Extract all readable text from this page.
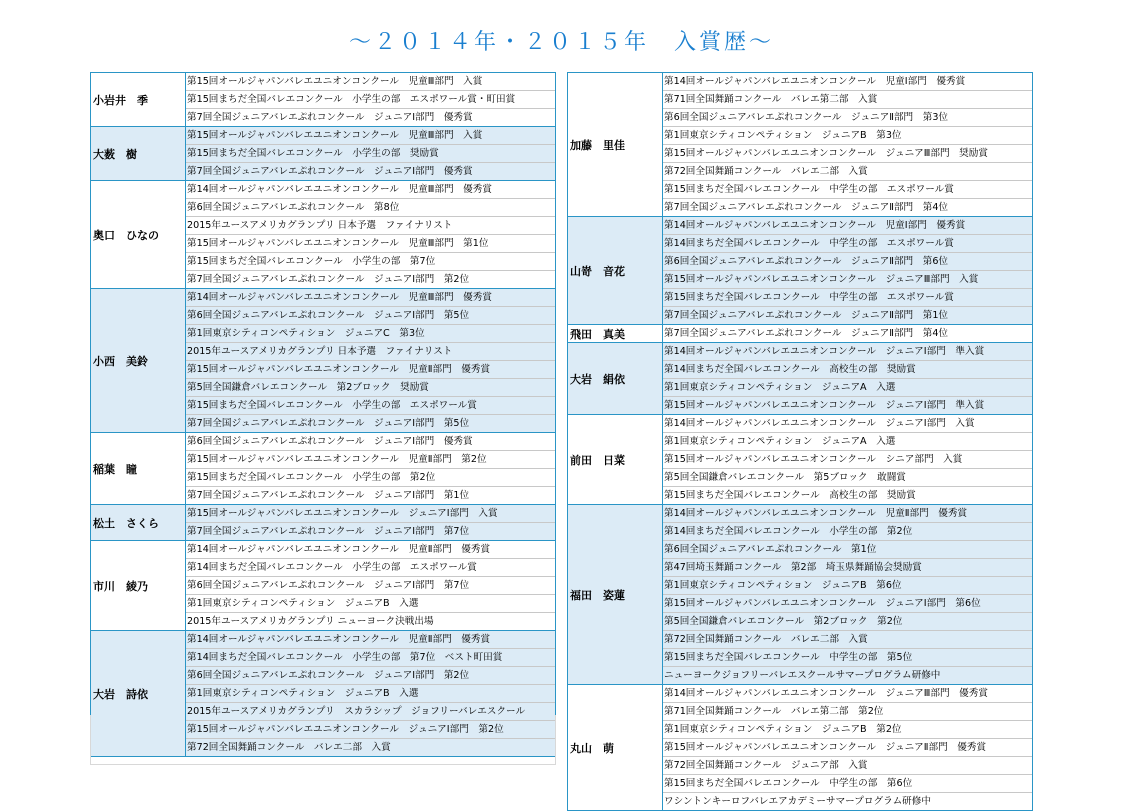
～２０１４年・２０１５年　入賞歴～
小岩井　季
第15回オールジャパンバレエユニオンコンクール　児童Ⅲ部門　入賞
第15回まちだ全国バレエコンクール　小学生の部　エスポワール賞・町田賞
第7回全国ジュニアバレエぷれコンクール　ジュニアⅠ部門　優秀賞
大薮　樹
第15回オールジャパンバレエユニオンコンクール　児童Ⅲ部門　入賞
第15回まちだ全国バレエコンクール　小学生の部　奨励賞
第7回全国ジュニアバレエぷれコンクール　ジュニアⅠ部門　優秀賞
奥口　ひなの
第14回オールジャパンバレエユニオンコンクール　児童Ⅲ部門　優秀賞
第6回全国ジュニアバレエぷれコンクール　第8位
2015年ユースアメリカグランプリ 日本予選　ファイナリスト
第15回オールジャパンバレエユニオンコンクール　児童Ⅲ部門　第1位
第15回まちだ全国バレエコンクール　小学生の部　第7位
第7回全国ジュニアバレエぷれコンクール　ジュニアⅠ部門　第2位
小西　美鈴
第14回オールジャパンバレエユニオンコンクール　児童Ⅲ部門　優秀賞
第6回全国ジュニアバレエぷれコンクール　ジュニアⅠ部門　第5位
第1回東京シティコンペティション　ジュニアC　第3位
2015年ユースアメリカグランプリ 日本予選　ファイナリスト
第15回オールジャパンバレエユニオンコンクール　児童Ⅱ部門　優秀賞
第5回全国鎌倉バレエコンクール　第2ブロック　奨励賞
第15回まちだ全国バレエコンクール　小学生の部　エスポワール賞
第7回全国ジュニアバレエぷれコンクール　ジュニアⅠ部門　第5位
稲葉　瞳
第6回全国ジュニアバレエぷれコンクール　ジュニアⅠ部門　優秀賞
第15回オールジャパンバレエユニオンコンクール　児童Ⅱ部門　第2位
第15回まちだ全国バレエコンクール　小学生の部　第2位
第7回全国ジュニアバレエぷれコンクール　ジュニアⅠ部門　第1位
松土　さくら
第15回オールジャパンバレエユニオンコンクール　ジュニアⅠ部門　入賞
第7回全国ジュニアバレエぷれコンクール　ジュニアⅠ部門　第7位
市川　綾乃
第14回オールジャパンバレエユニオンコンクール　児童Ⅱ部門　優秀賞
第14回まちだ全国バレエコンクール　小学生の部　エスポワール賞
第6回全国ジュニアバレエぷれコンクール　ジュニアⅠ部門　第7位
第1回東京シティコンペティション　ジュニアB　入選
2015年ユースアメリカグランプリ ニューヨーク決戦出場
大岩　詩依
第14回オールジャパンバレエユニオンコンクール　児童Ⅱ部門　優秀賞
第14回まちだ全国バレエコンクール　小学生の部　第7位　ベスト町田賞
第6回全国ジュニアバレエぷれコンクール　ジュニアⅠ部門　第2位
第1回東京シティコンペティション　ジュニアB　入選
2015年ユースアメリカグランプリ　スカラシップ　ジョフリーバレエスクール
第15回オールジャパンバレエユニオンコンクール　ジュニアⅠ部門　第2位
第72回全国舞踊コンクール　バレエ二部　入賞
加藤　里佳
第14回オールジャパンバレエユニオンコンクール　児童Ⅰ部門　優秀賞
第71回全国舞踊コンクール　バレエ第二部　入賞
第6回全国ジュニアバレエぷれコンクール　ジュニアⅡ部門　第3位
第1回東京シティコンペティション　ジュニアB　第3位
第15回オールジャパンバレエユニオンコンクール　ジュニアⅢ部門　奨励賞
第72回全国舞踊コンクール　バレエ二部　入賞
第15回まちだ全国バレエコンクール　中学生の部　エスポワール賞
第7回全国ジュニアバレエぷれコンクール　ジュニアⅡ部門　第4位
山嵜　音花
第14回オールジャパンバレエユニオンコンクール　児童Ⅰ部門　優秀賞
第14回まちだ全国バレエコンクール　中学生の部　エスポワール賞
第6回全国ジュニアバレエぷれコンクール　ジュニアⅡ部門　第6位
第15回オールジャパンバレエユニオンコンクール　ジュニアⅢ部門　入賞
第15回まちだ全国バレエコンクール　中学生の部　エスポワール賞
第7回全国ジュニアバレエぷれコンクール　ジュニアⅡ部門　第1位
飛田　真美	第7回全国ジュニアバレエぷれコンクール　ジュニアⅡ部門　第4位
大岩　絹依
第14回オールジャパンバレエユニオンコンクール　ジュニアⅠ部門　準入賞
第14回まちだ全国バレエコンクール　高校生の部　奨励賞
第1回東京シティコンペティション　ジュニアA　入選
第15回オールジャパンバレエユニオンコンクール　ジュニアⅠ部門　準入賞
前田　日菜
第14回オールジャパンバレエユニオンコンクール　ジュニアⅠ部門　入賞
第1回東京シティコンペティション　ジュニアA　入選
第15回オールジャパンバレエユニオンコンクール　シニア部門　入賞
第5回全国鎌倉バレエコンクール　第5ブロック　敢闘賞
第15回まちだ全国バレエコンクール　高校生の部　奨励賞
福田　姿蓮
第14回オールジャパンバレエユニオンコンクール　児童Ⅱ部門　優秀賞
第14回まちだ全国バレエコンクール　小学生の部　第2位
第6回全国ジュニアバレエぷれコンクール　第1位
第47回埼玉舞踊コンクール　第2部　埼玉県舞踊協会奨励賞
第1回東京シティコンペティション　ジュニアB　第6位
第15回オールジャパンバレエユニオンコンクール　ジュニアⅠ部門　第6位
第5回全国鎌倉バレエコンクール　第2ブロック　第2位
第72回全国舞踊コンクール　バレエ二部　入賞
第15回まちだ全国バレエコンクール　中学生の部　第5位
ニューヨークジョフリーバレエスクールサマープログラム研修中
丸山　萌
第14回オールジャパンバレエユニオンコンクール　ジュニアⅢ部門　優秀賞
第71回全国舞踊コンクール　バレエ第二部　第2位
第1回東京シティコンペティション　ジュニアB　第2位
第15回オールジャパンバレエユニオンコンクール　ジュニアⅡ部門　優秀賞
第72回全国舞踊コンクール　ジュニア部　入賞
第15回まちだ全国バレエコンクール　中学生の部　第6位
ワシントンキーロフバレエアカデミーサマープログラム研修中
